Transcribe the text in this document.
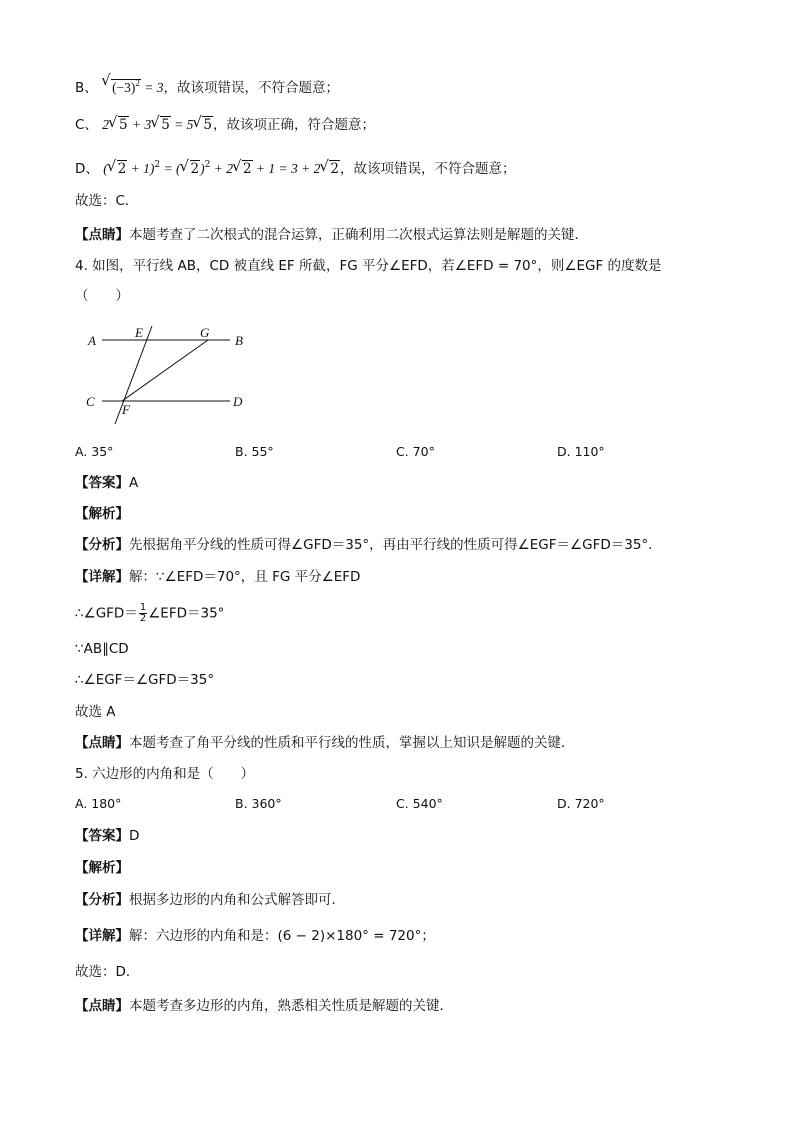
B、 √ $(-3)^2 = 3$，故该项错误，不符合题意；
C、 2 √ 5 + 3 √ 5 = 5 √ 5，故该项正确，符合题意；
D、 ( √ 2 + 1)$^2$ = ( √ 2)$^2$ + 2 √ 2 + 1 = 3 + 2 √ 2，故该项错误，不符合题意；
故选：C．
【点睛】本题考查了二次根式的混合运算，正确利用二次根式运算法则是解题的关键．
4. 如图，平行线 AB，CD 被直线 EF 所截，FG 平分∠EFD，若∠EFD = 70°，则∠EGF 的度数是
（　　）
A	B
C	D
E
F
G
A. 35°	B. 55°	C. 70°	D. 110°
【答案】A
【解析】
【分析】先根据角平分线的性质可得∠GFD＝35°，再由平行线的性质可得∠EGF＝∠GFD＝35°．
【详解】解：∵∠EFD＝70°，且 FG 平分∠EFD
∴∠GFD＝ $\frac{1}{2}$ ∠EFD＝35°
∵AB∥CD
∴∠EGF＝∠GFD＝35°
故选 A
【点睛】本题考查了角平分线的性质和平行线的性质，掌握以上知识是解题的关键．
5. 六边形的内角和是（　　）
A. 180°	B. 360°	C. 540°	D. 720°
【答案】D
【解析】
【分析】根据多边形的内角和公式解答即可．
【详解】解：六边形的内角和是：(6 − 2)×180° = 720°；
故选：D．
【点睛】本题考查多边形的内角，熟悉相关性质是解题的关键．
